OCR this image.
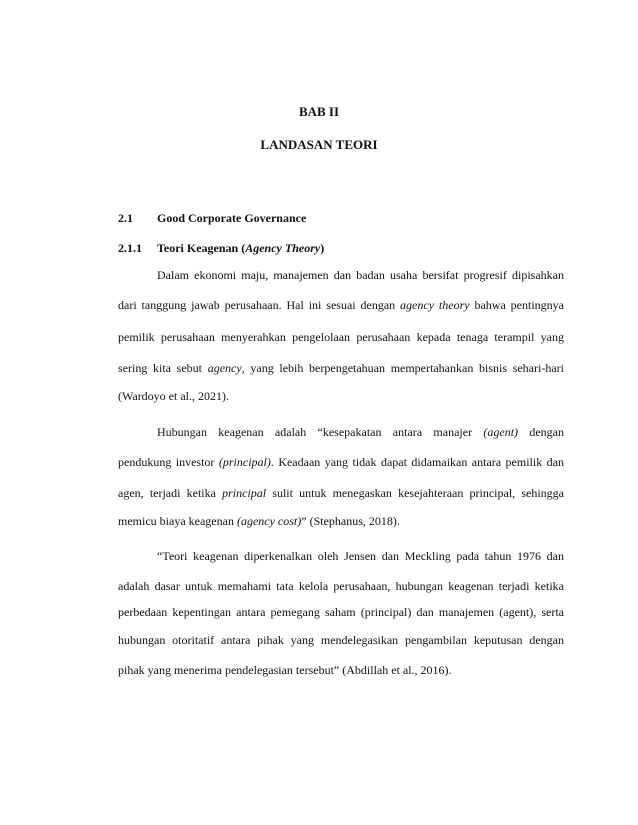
BAB II
LANDASAN TEORI
2.1 Good Corporate Governance
2.1.1 Teori Keagenan (Agency Theory)
Dalam ekonomi maju, manajemen dan badan usaha bersifat progresif dipisahkan
dari tanggung jawab perusahaan. Hal ini sesuai dengan agency theory bahwa pentingnya
pemilik perusahaan menyerahkan pengelolaan perusahaan kepada tenaga terampil yang
sering kita sebut agency, yang lebih berpengetahuan mempertahankan bisnis sehari-hari
(Wardoyo et al., 2021).
Hubungan keagenan adalah “kesepakatan antara manajer (agent) dengan
pendukung investor (principal). Keadaan yang tidak dapat didamaikan antara pemilik dan
agen, terjadi ketika principal sulit untuk menegaskan kesejahteraan principal, sehingga
memicu biaya keagenan (agency cost)” (Stephanus, 2018).
“Teori keagenan diperkenalkan oleh Jensen dan Meckling pada tahun 1976 dan
adalah dasar untuk memahami tata kelola perusahaan, hubungan keagenan terjadi ketika
perbedaan kepentingan antara pemegang saham (principal) dan manajemen (agent), serta
hubungan otoritatif antara pihak yang mendelegasikan pengambilan keputusan dengan
pihak yang menerima pendelegasian tersebut” (Abdillah et al., 2016).
